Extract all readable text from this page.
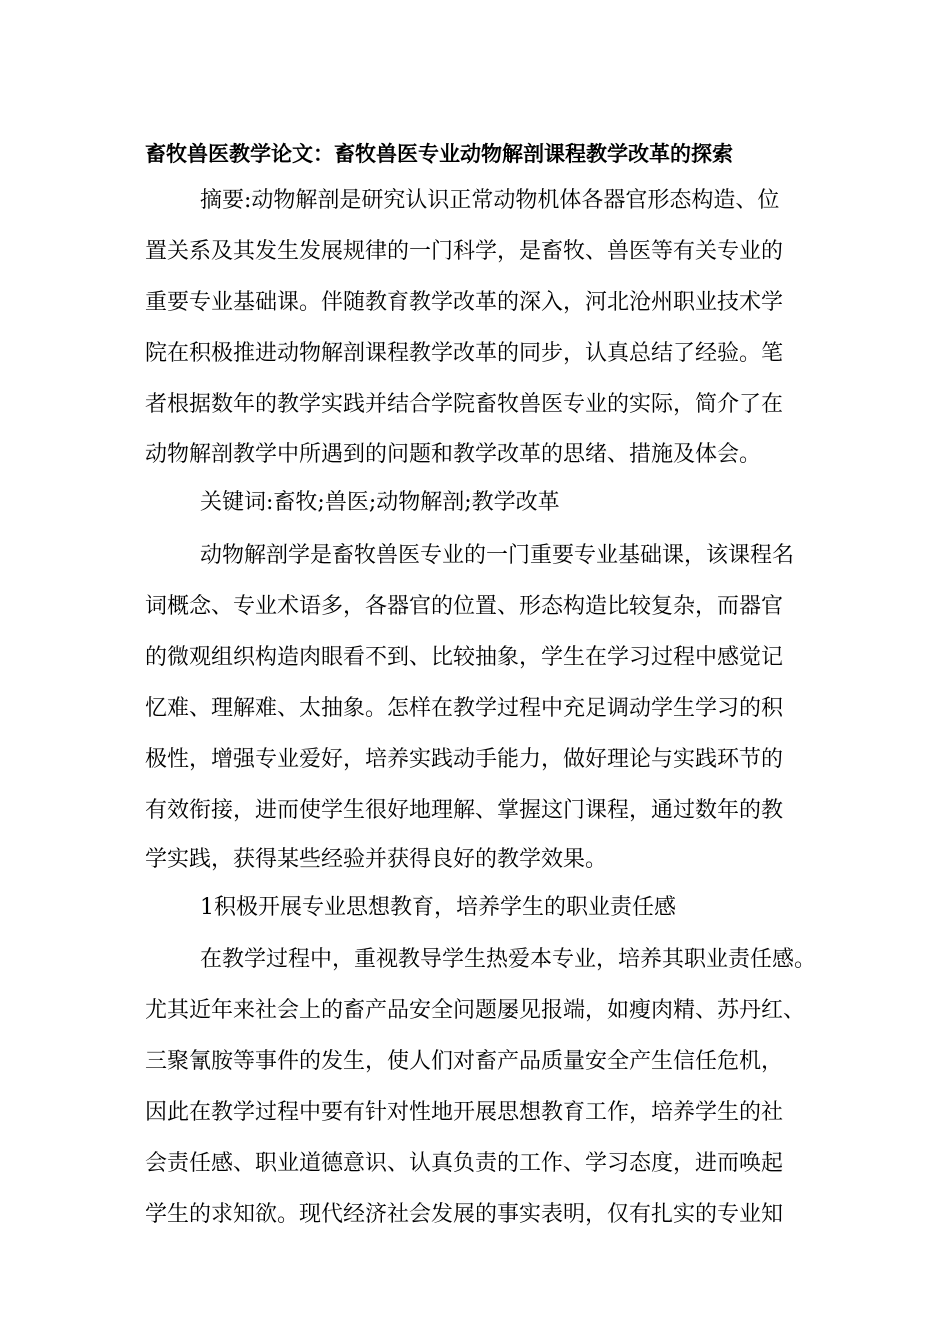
畜牧兽医教学论文：畜牧兽医专业动物解剖课程教学改革的探索
摘要:动物解剖是研究认识正常动物机体各器官形态构造、位
置关系及其发生发展规律的一门科学，是畜牧、兽医等有关专业的
重要专业基础课。伴随教育教学改革的深入，河北沧州职业技术学
院在积极推进动物解剖课程教学改革的同步，认真总结了经验。笔
者根据数年的教学实践并结合学院畜牧兽医专业的实际，简介了在
动物解剖教学中所遇到的问题和教学改革的思绪、措施及体会。
关键词:畜牧;兽医;动物解剖;教学改革
动物解剖学是畜牧兽医专业的一门重要专业基础课，该课程名
词概念、专业术语多，各器官的位置、形态构造比较复杂，而器官
的微观组织构造肉眼看不到、比较抽象，学生在学习过程中感觉记
忆难、理解难、太抽象。怎样在教学过程中充足调动学生学习的积
极性，增强专业爱好，培养实践动手能力，做好理论与实践环节的
有效衔接，进而使学生很好地理解、掌握这门课程，通过数年的教
学实践，获得某些经验并获得良好的教学效果。
1积极开展专业思想教育，培养学生的职业责任感
在教学过程中，重视教导学生热爱本专业，培养其职业责任感。
尤其近年来社会上的畜产品安全问题屡见报端，如瘦肉精、苏丹红、
三聚氰胺等事件的发生，使人们对畜产品质量安全产生信任危机，
因此在教学过程中要有针对性地开展思想教育工作，培养学生的社
会责任感、职业道德意识、认真负责的工作、学习态度，进而唤起
学生的求知欲。现代经济社会发展的事实表明，仅有扎实的专业知
